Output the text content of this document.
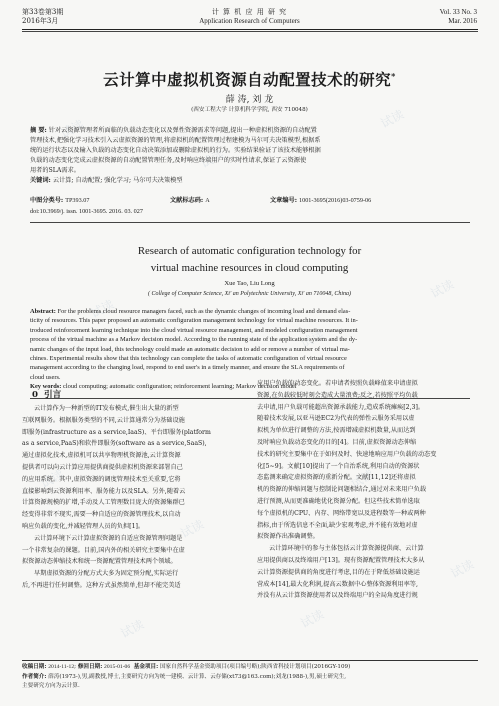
试读
试读
试读
试读
试读
试读
试读
试读
试读
试读
试读	试读
第33卷第3期
2016年3月
计 算 机 应 用 研 究
Application Research of Computers
Vol. 33 No. 3
Mar. 2016
云计算中虚拟机资源自动配置技术的研究*
薛 涛, 刘 龙
(西安工程大学 计算机科学学院, 西安 710048)
摘 要: 针对云资源管理者所面临的负载动态变化以及弹性资源需求等问题,提出一种虚拟机资源的自动配置
管理技术,把强化学习技术引入云虚拟资源的管理,将虚拟机的配置管理过程建模为马尔可夫决策模型,根据系
统的运行状态以及输入负载的动态变化自动决策添加或删除虚拟机的行为。实验结果验证了该技术能够根据
负载的动态变化完成云虚拟资源的自动配置管理任务,及时响应终端用户的实时性请求,保证了云资源使
用者的SLA需求。
关键词: 云计算; 自动配置; 强化学习; 马尔可夫决策模型
中图分类号: TP393.07	文献标志码: A	文章编号: 1001-3695(2016)03-0759-06
doi:10.3969/j. issn. 1001-3695. 2016. 03. 027
Research of automatic configuration technology for
virtual machine resources in cloud computing
Xue Tao, Liu Long
( College of Computer Science, Xi' an Polytechnic University, Xi' an 710048, China)
Abstract: For the problems cloud resource managers faced, such as the dynamic changes of incoming load and demand elas-
ticity of resources. This paper proposed an automatic configuration management technology for virtual machine resources. It in-
troduced reinforcement learning technique into the cloud virtual resource management, and modeled configuration management
process of the virtual machine as a Markov decision model. According to the running state of the application system and the dy-
namic changes of the input load, this technology could made an automatic decision to add or remove a number of virtual ma-
chines. Experimental results show that this technology can complete the tasks of automatic configuration of virtual resource
management according to the changing load, respond to end user's in a timely manner, and ensure the SLA requirements of
cloud users.
Key words: cloud computing; automatic configuration; reinforcement learning; Markov decision model
0 引言
云计算作为一种新型的IT发布模式,催生出大量的新型
互联网服务。根据服务类型的不同,云计算通常分为基础设施
即服务(infrastructure as a service,IaaS)、平台即服务(platform
as a service,PaaS)和软件即服务(software as a service,SaaS),
通过虚拟化技术,虚拟机可以共享物理机资源池,云计算资源
提供者可以向云计算应用提供商提供虚拟机资源来部署自己
的应用系统。其中,虚拟资源的调度管理技术至关重要,它将
直接影响到云资源利用率、服务能力以及SLA。另外,随着云
计算资源规模的扩增,手动及人工管理数目庞大的资源集群已
经变得非常不现实,需要一种自适应的资源管理技术,以自动
响应负载的变化,并减轻管理人员的负担[1]。
云计算环境下云计算虚拟资源的自适应资源管理问题是
一个非常复杂的课题。目前,国内外的相关研究主要集中在虚
拟资源动态伸缩技术和统一资源配置管理技术两个领域。
早期虚拟资源的分配方式大多为固定预分配,实际运行
后,不再进行任何调整。这种方式虽然简单,但却不能完美适
应用户负载的动态变化。若申请者按照负载峰值来申请虚拟
资源,在负载较低时刻会造成大量浪费;反之,若按照平均负载
去申请,用户负载可能超出资源承载能力,造成系统瘫痪[2,3]。
随着技术发展,以亚马逊EC2为代表的弹性云服务采用以虚
拟机为单位进行调整的方法,按需增减虚拟机数量,从而达到
及时响应负载动态变化的目的[4]。目前,虚拟资源动态伸缩
技术的研究主要集中在于如何及时、快速地响应用户负载的动态变
化[5~9]。文献[10]提出了一个自治系统,利用自动的资源状
态监测来确定虚拟资源的重新分配。文献[11,12]还将虚拟
机的资源的伸缩问题与控制论问题相结合,通过对未来用户负载
进行预测,从而更准确地优化资源分配。但这些技术简单选取
每个虚拟机的CPU、内存、网络带宽以及进程数等一种或两种
指标,由于所选信息不全面,缺少宏观考虑,并不能有效地对虚
拟资源作出准确调整。
云计算环境中的参与主体包括云计算资源提供商、云计算
应用提供商以及终端用户[13]。现有资源配置管理技术大多从
云计算资源提供商的角度进行考虑,目的在于降低基础设施运
营成本[14],最大化利润,提高云数据中心整体资源利用率等,
并没有从云计算资源使用者以及终端用户的全局角度进行规
收稿日期: 2014-11-12; 修回日期: 2015-01-06 基金项目: 国家自然科学基金资助项目(项目编号略);陕西省科技计划项目(2016GY-109)
作者简介: 薛涛(1973-),男,副教授,博士,主要研究方向为统一建模、云计算、云存储(xt73@163.com);刘龙(1988-),男,硕士研究生,
主要研究方向为云计算.
